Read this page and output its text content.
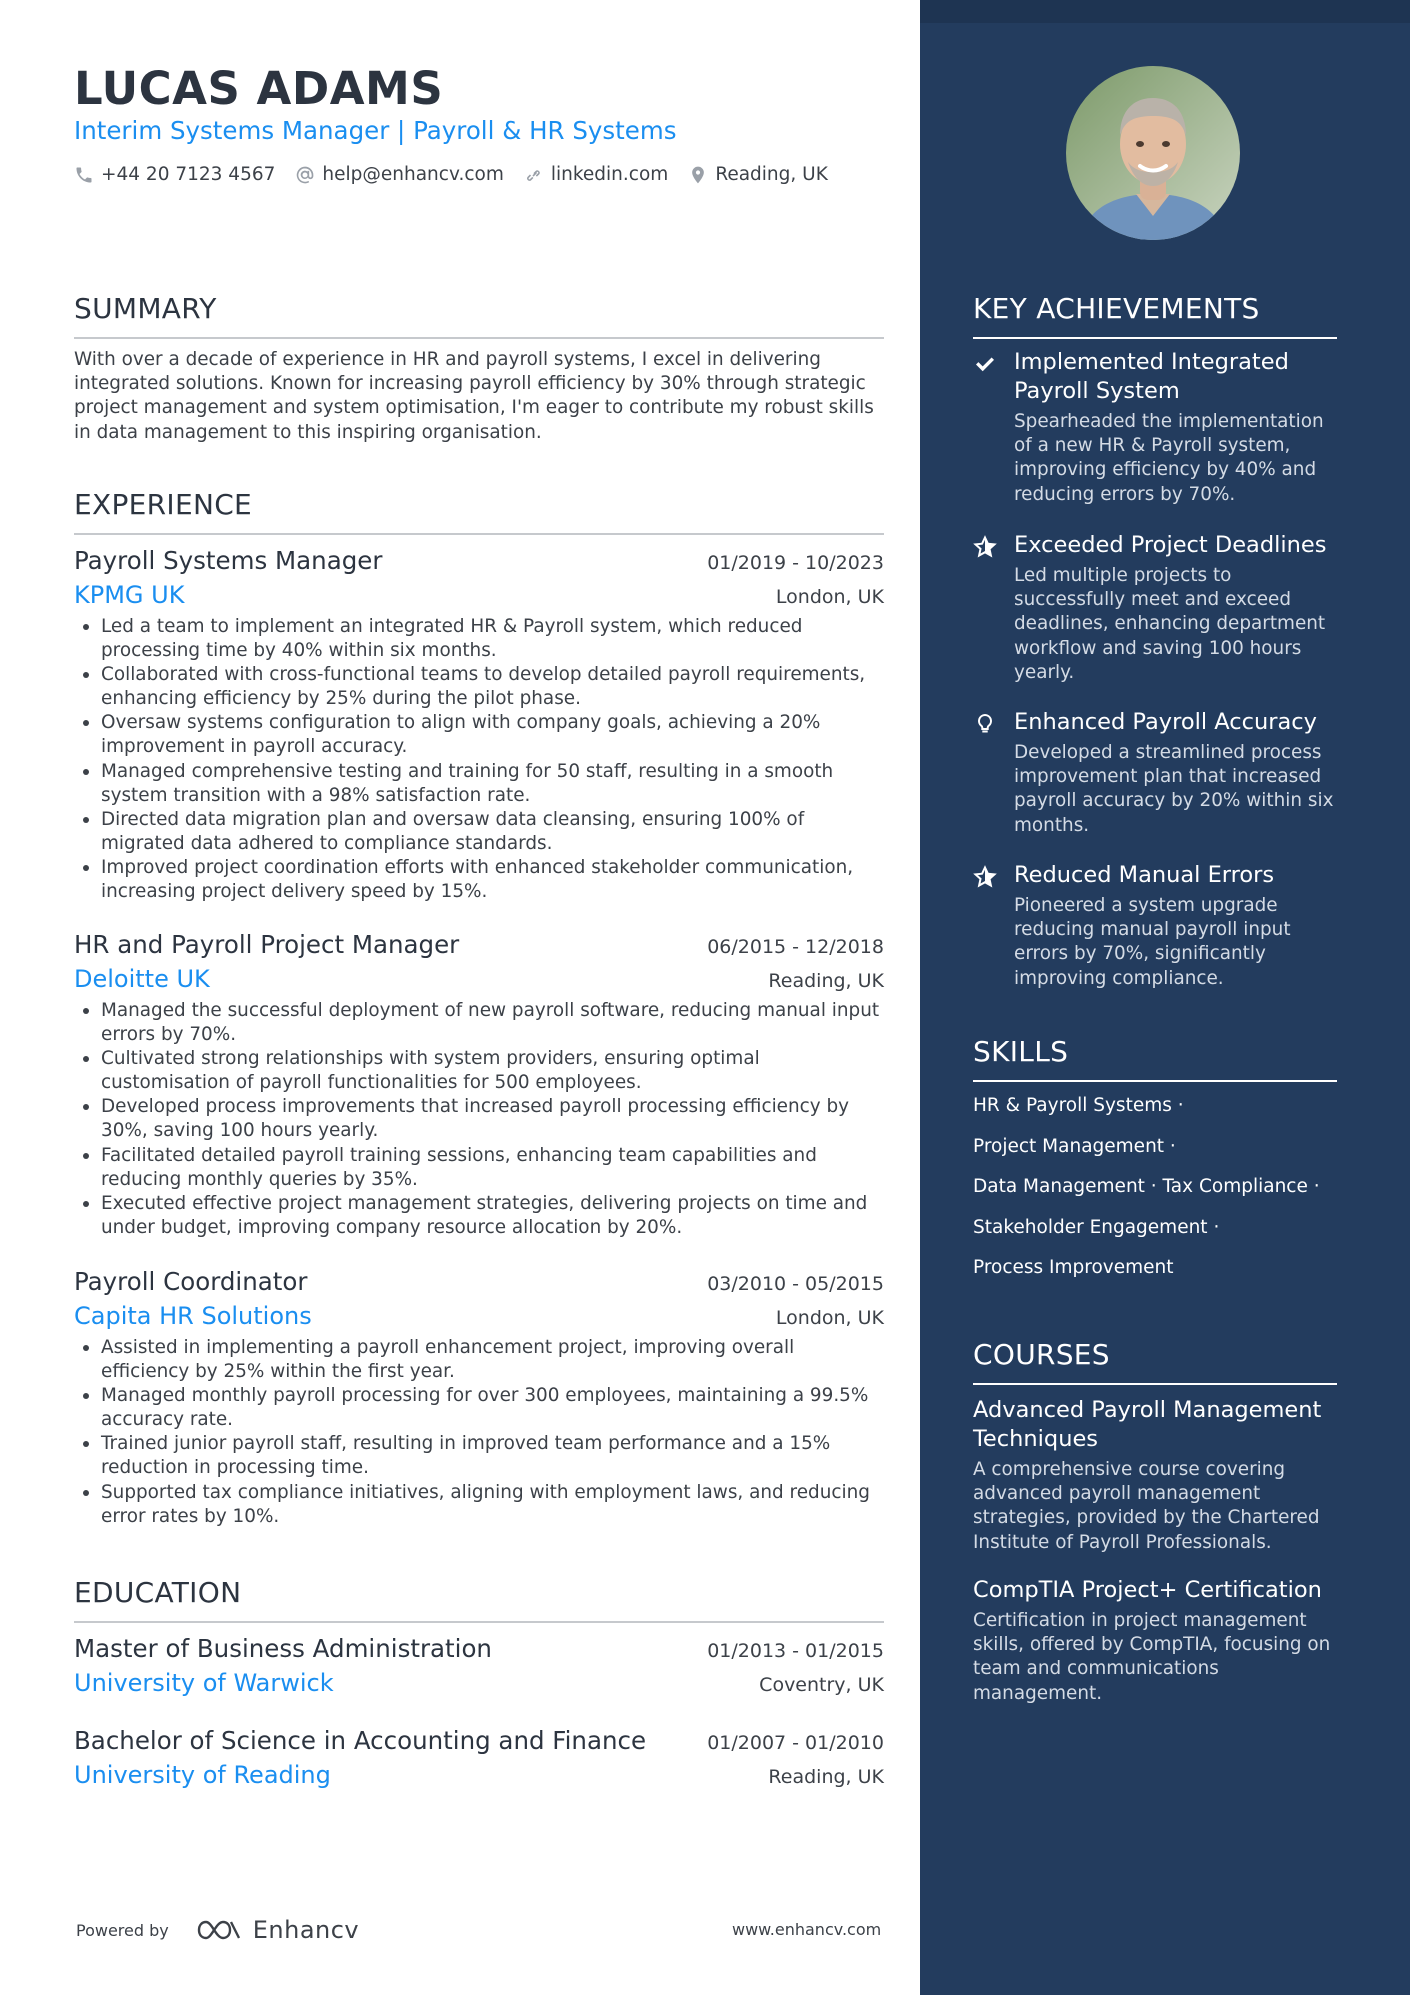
LUCAS ADAMS
Interim Systems Manager | Payroll & HR Systems
+44 20 7123 4567	help@enhancv.com	linkedin.com	Reading, UK
SUMMARY
With over a decade of experience in HR and payroll systems, I excel in delivering integrated solutions. Known for increasing payroll efficiency by 30% through strategic project management and system optimisation, I'm eager to contribute my robust skills in data management to this inspiring organisation.
EXPERIENCE
Payroll Systems Manager	01/2019 - 10/2023
KPMG UK	London, UK
Led a team to implement an integrated HR & Payroll system, which reduced processing time by 40% within six months.
Collaborated with cross-functional teams to develop detailed payroll requirements, enhancing efficiency by 25% during the pilot phase.
Oversaw systems configuration to align with company goals, achieving a 20% improvement in payroll accuracy.
Managed comprehensive testing and training for 50 staff, resulting in a smooth system transition with a 98% satisfaction rate.
Directed data migration plan and oversaw data cleansing, ensuring 100% of migrated data adhered to compliance standards.
Improved project coordination efforts with enhanced stakeholder communication, increasing project delivery speed by 15%.
HR and Payroll Project Manager	06/2015 - 12/2018
Deloitte UK	Reading, UK
Managed the successful deployment of new payroll software, reducing manual input errors by 70%.
Cultivated strong relationships with system providers, ensuring optimal customisation of payroll functionalities for 500 employees.
Developed process improvements that increased payroll processing efficiency by 30%, saving 100 hours yearly.
Facilitated detailed payroll training sessions, enhancing team capabilities and reducing monthly queries by 35%.
Executed effective project management strategies, delivering projects on time and under budget, improving company resource allocation by 20%.
Payroll Coordinator	03/2010 - 05/2015
Capita HR Solutions	London, UK
Assisted in implementing a payroll enhancement project, improving overall efficiency by 25% within the first year.
Managed monthly payroll processing for over 300 employees, maintaining a 99.5% accuracy rate.
Trained junior payroll staff, resulting in improved team performance and a 15% reduction in processing time.
Supported tax compliance initiatives, aligning with employment laws, and reducing error rates by 10%.
EDUCATION
Master of Business Administration	01/2013 - 01/2015
University of Warwick	Coventry, UK
Bachelor of Science in Accounting and Finance	01/2007 - 01/2010
University of Reading	Reading, UK
Powered by	Enhancv	www.enhancv.com
KEY ACHIEVEMENTS
Implemented Integrated Payroll System
Spearheaded the implementation of a new HR & Payroll system, improving efficiency by 40% and reducing errors by 70%.
Exceeded Project Deadlines
Led multiple projects to successfully meet and exceed deadlines, enhancing department workflow and saving 100 hours yearly.
Enhanced Payroll Accuracy
Developed a streamlined process improvement plan that increased payroll accuracy by 20% within six months.
Reduced Manual Errors
Pioneered a system upgrade reducing manual payroll input errors by 70%, significantly improving compliance.
SKILLS
HR & Payroll Systems ·
Project Management ·
Data Management · Tax Compliance ·
Stakeholder Engagement ·
Process Improvement
COURSES
Advanced Payroll Management Techniques
A comprehensive course covering advanced payroll management strategies, provided by the Chartered Institute of Payroll Professionals.
CompTIA Project+ Certification
Certification in project management skills, offered by CompTIA, focusing on team and communications management.
